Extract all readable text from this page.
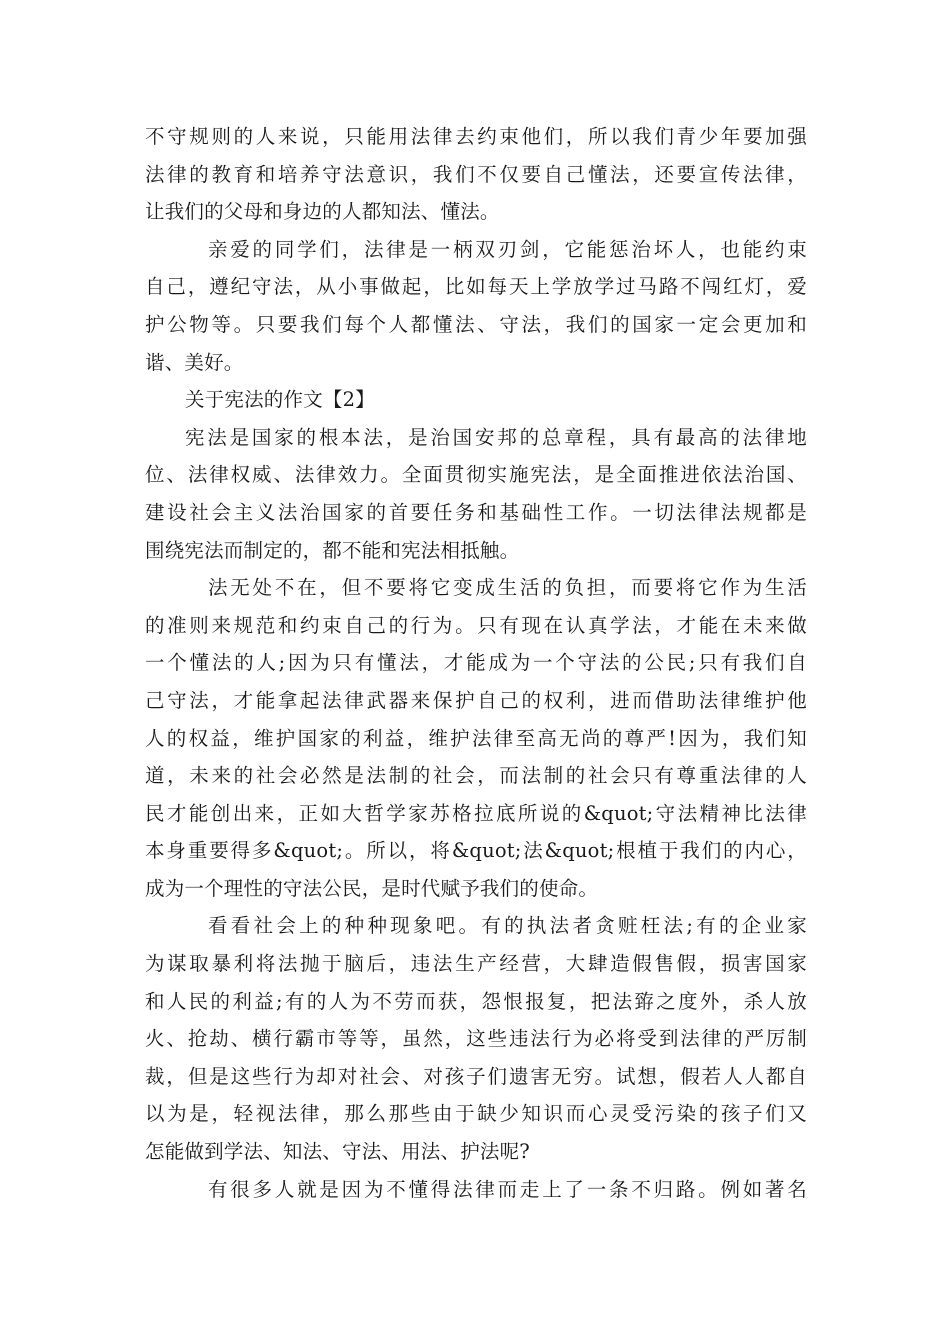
不守规则的人来说，只能用法律去约束他们，所以我们青少年要加强
法律的教育和培养守法意识，我们不仅要自己懂法，还要宣传法律，
让我们的父母和身边的人都知法、懂法。
亲爱的同学们，法律是一柄双刃剑，它能惩治坏人，也能约束
自己，遵纪守法，从小事做起，比如每天上学放学过马路不闯红灯，爱
护公物等。只要我们每个人都懂法、守法，我们的国家一定会更加和
谐、美好。
关于宪法的作文【2】
宪法是国家的根本法，是治国安邦的总章程，具有最高的法律地
位、法律权威、法律效力。全面贯彻实施宪法，是全面推进依法治国、
建设社会主义法治国家的首要任务和基础性工作。一切法律法规都是
围绕宪法而制定的，都不能和宪法相抵触。
法无处不在，但不要将它变成生活的负担，而要将它作为生活
的准则来规范和约束自己的行为。只有现在认真学法，才能在未来做
一个懂法的人;因为只有懂法，才能成为一个守法的公民;只有我们自
己守法，才能拿起法律武器来保护自己的权利，进而借助法律维护他
人的权益，维护国家的利益，维护法律至高无尚的尊严!因为，我们知
道，未来的社会必然是法制的社会，而法制的社会只有尊重法律的人
民才能创出来，正如大哲学家苏格拉底所说的&quot;守法精神比法律
本身重要得多&quot;。所以，将&quot;法&quot;根植于我们的内心，
成为一个理性的守法公民，是时代赋予我们的使命。
看看社会上的种种现象吧。有的执法者贪赃枉法;有的企业家
为谋取暴利将法抛于脑后，违法生产经营，大肆造假售假，损害国家
和人民的利益;有的人为不劳而获，怨恨报复，把法臶之度外，杀人放
火、抢劫、横行霸市等等，虽然，这些违法行为必将受到法律的严厉制
裁，但是这些行为却对社会、对孩子们遗害无穷。试想，假若人人都自
以为是，轻视法律，那么那些由于缺少知识而心灵受污染的孩子们又
怎能做到学法、知法、守法、用法、护法呢?
有很多人就是因为不懂得法律而走上了一条不归路。例如著名
